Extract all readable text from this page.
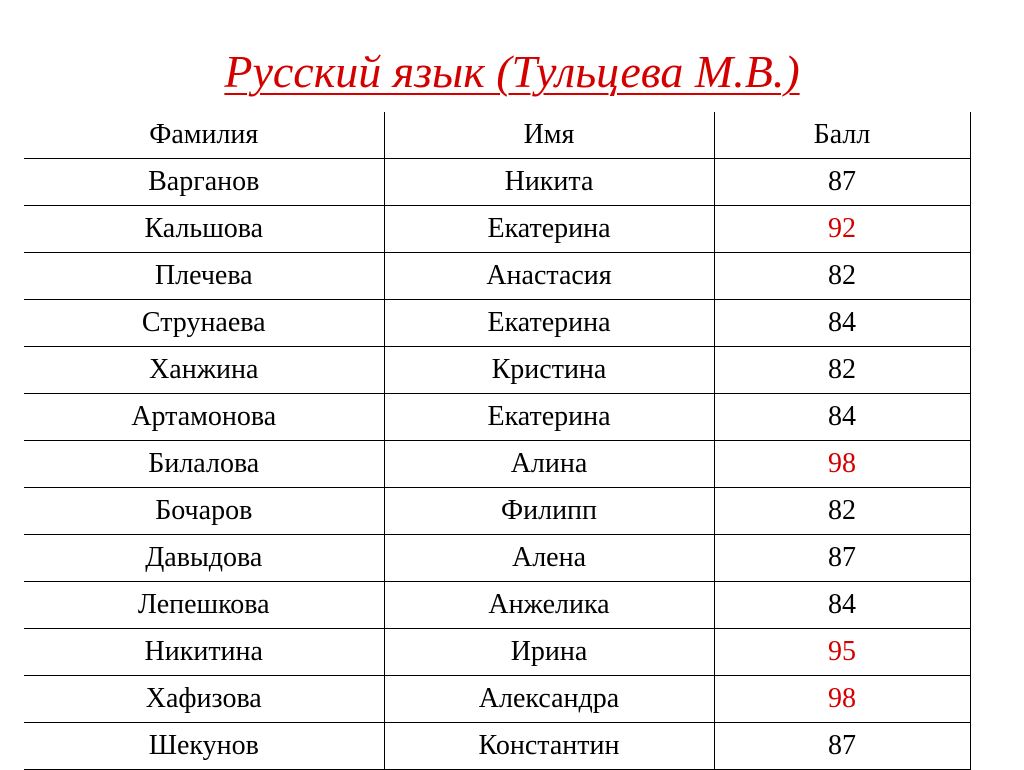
Русский язык (Тульцева М.В.)
Фамилия	Имя	Балл
Варганов	Никита	87
Кальшова	Екатерина	92
Плечева	Анастасия	82
Струнаева	Екатерина	84
Ханжина	Кристина	82
Артамонова	Екатерина	84
Билалова	Алина	98
Бочаров	Филипп	82
Давыдова	Алена	87
Лепешкова	Анжелика	84
Никитина	Ирина	95
Хафизова	Александра	98
Шекунов	Константин	87
